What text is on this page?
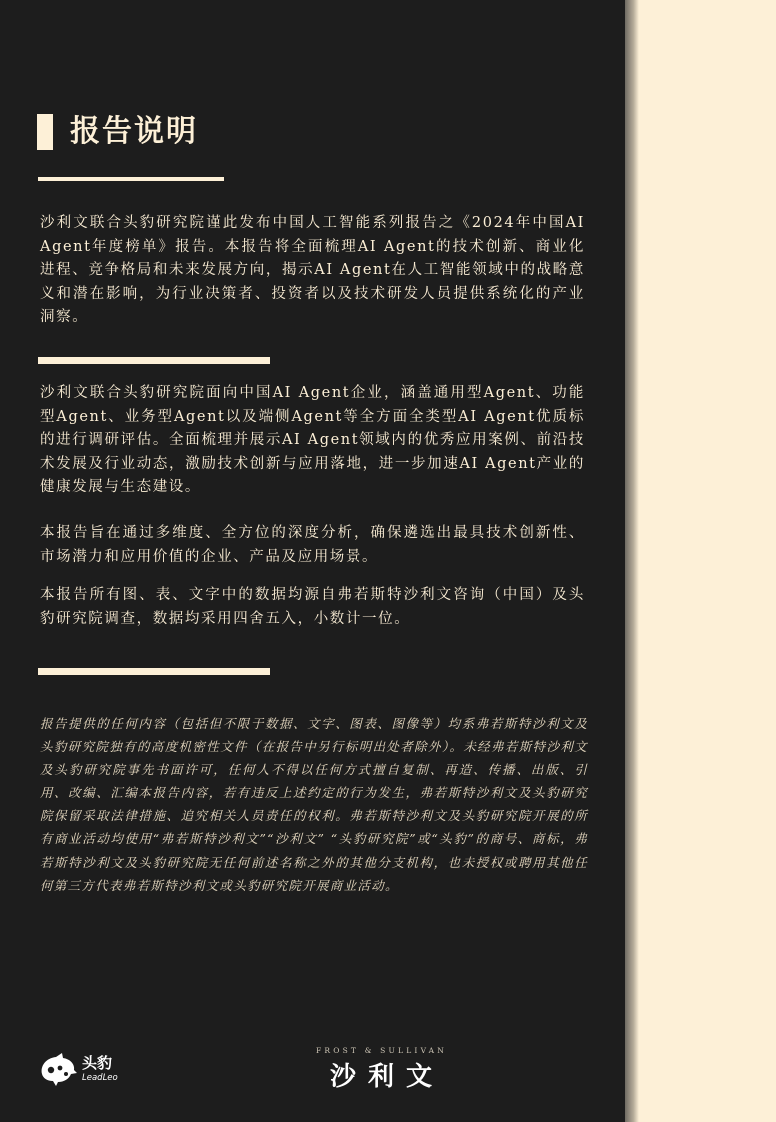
报告说明

沙利文联合头豹研究院谨此发布中国人工智能系列报告之《2024年中国AI Agent年度榜单》报告。本报告将全面梳理AI Agent的技术创新、商业化进程、竞争格局和未来发展方向，揭示AI Agent在人工智能领域中的战略意义和潜在影响，为行业决策者、投资者以及技术研发人员提供系统化的产业洞察。

沙利文联合头豹研究院面向中国AI Agent企业，涵盖通用型Agent、功能型Agent、业务型Agent以及端侧Agent等全方面全类型AI Agent优质标的进行调研评估。全面梳理并展示AI Agent领域内的优秀应用案例、前沿技术发展及行业动态，激励技术创新与应用落地，进一步加速AI Agent产业的健康发展与生态建设。

本报告旨在通过多维度、全方位的深度分析，确保遴选出最具技术创新性、市场潜力和应用价值的企业、产品及应用场景。

本报告所有图、表、文字中的数据均源自弗若斯特沙利文咨询（中国）及头豹研究院调查，数据均采用四舍五入，小数计一位。

报告提供的任何内容（包括但不限于数据、文字、图表、图像等）均系弗若斯特沙利文及头豹研究院独有的高度机密性文件（在报告中另行标明出处者除外）。未经弗若斯特沙利文及头豹研究院事先书面许可，任何人不得以任何方式擅自复制、再造、传播、出版、引用、改编、汇编本报告内容，若有违反上述约定的行为发生，弗若斯特沙利文及头豹研究院保留采取法律措施、追究相关人员责任的权利。弗若斯特沙利文及头豹研究院开展的所有商业活动均使用“弗若斯特沙利文”“沙利文” “头豹研究院”或“头豹”的商号、商标，弗若斯特沙利文及头豹研究院无任何前述名称之外的其他分支机构，也未授权或聘用其他任何第三方代表弗若斯特沙利文或头豹研究院开展商业活动。

头豹
LeadLeo
FROST & SULLIVAN
沙利文
